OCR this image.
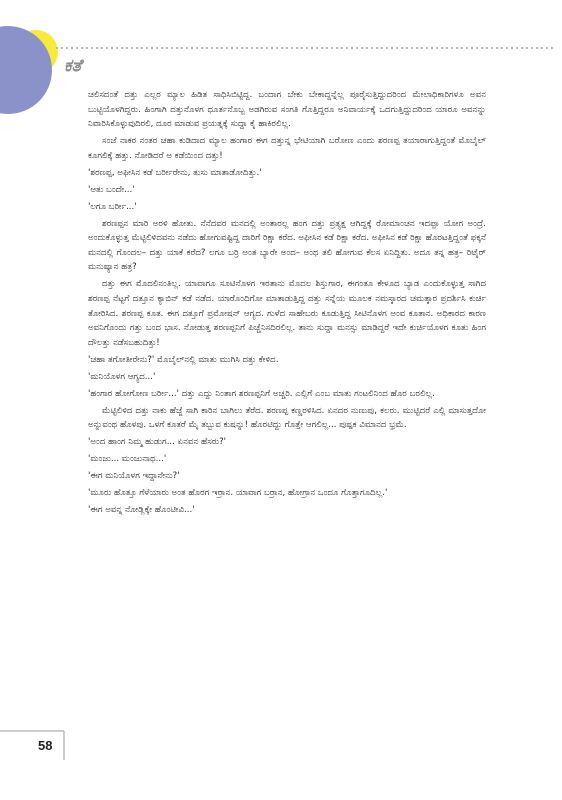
ಕತೆ

ಚಲಿಸದಂತೆ ದತ್ತು ಎಲ್ಲರ ಮ್ಯಾಲ ಹಿಡಿತ ಸಾಧಿಸಿಬಿಟ್ಟಿದ್ದ. ಬಂದಾಗ ಬೇಕು ಬೇಕಾದ್ದನ್ನೆಲ್ಲ ಪೂರೈಸುತ್ತಿದ್ದುದರಿಂದ ಮೇಲಾಧಿಕಾರಿಗಳೂ ಅವನ ಬುಟ್ಟಿಯೊಳಗಿದ್ದರು. ಹಿಂಗಾಗಿ ದತ್ತುನೊಳಗ ಧೂರ್ತನೊಬ್ಬ ಅಡಗಿರುವ ಸಂಗತಿ ಗೊತ್ತಿದ್ದರೂ ಅನಿವಾರ್ಯಕ್ಕೆ ಒದಗುತ್ತಿದ್ದುದರಿಂದ ಯಾರೂ ಅವನನ್ನು ನಿವಾರಿಸಿಕೊಳ್ಳುವುದಿರಲಿ, ದೂರ ಮಾಡುವ ಪ್ರಯತ್ನಕ್ಕೆ ಸುದ್ದಾ ಕೈ ಹಾಕಿರಲಿಲ್ಲ.

ಸಂಜೆ ನಾಕರ ನಂತರ ಚಹಾ ಕುಡಿದಾದ ಮ್ಯಾಲ ಹಂಗಾರ ಈಗ ದತ್ತುನ್ನ ಭೇಟಿಯಾಗಿ ಬರೋಣ ಎಂದು ಶರಣಪ್ಪ ತಯಾರಾಗುತ್ತಿದ್ದಂತೆ ಮೊಬೈಲ್ ಕೂಗಲಿಕ್ಕೆ ಹತ್ತು. ನೋಡಿದರೆ ಅ ಕಡೆಯಿಂದ ದತ್ತು!

'ಶರಣಪ್ಪ, ಅಫೀಸಿನ ಕಡೆ ಬರ್ರೀರೇನು, ತುಸು ಮಾತಾಡೋದಿತ್ತು.'

'ಆತು ಬಂದೇ...'

'ಲಗೂ ಬರ್ರೀ...'

ಶರಣಪ್ಪನ ಮಾರಿ ಅರಳಿ ಹೋತು. ನೆನೆದವರ ಮನದಲ್ಲಿ ಅಂತಾರಲ್ಲ ಹಂಗ ದತ್ತು ಪ್ರತ್ಯಕ್ಷ ಆಗಿದ್ದಕ್ಕೆ ರೋಮಾಂಚನ ಇದಪ್ಪಾ ಯೋಗ ಅಂದ್ರೆ. ಅಂದುಕೊಳ್ಳುತ್ತ ಮೆಟ್ಟಿಲಿಳಿದವನು ನಡೆದು ಹೋಗುವಷ್ಟಿದ್ದ ದಾರಿಗೆ ರಿಕ್ಷಾ ಕರೆದ. ಅಫೀಸಿನ ಕಡೆ ರಿಕ್ಷಾ ಕರೆದ. ಅಫೀಸಿನ ಕಡೆ ರಿಕ್ಷಾ ಹೊರಟತ್ತಿದ್ದಂತೆ ಫಕ್ಕನೆ ಮನದಲ್ಲಿ ಗೊಂದಲ– ದತ್ತು ಯಾಕೆ ಕರೆದ? ಲಗೂ ಬರ್ರಿ ಅಂತ ಬ್ಯಾರೇ ಅಂದ– ಅಂಥ ತಲಿ ಹೋಗುವ ಕೆಲಸ ಏನಿದ್ದಿತು. ಅದೂ ತನ್ನ ಹತ್ರ– ರಿಟೈರ್ ಮನುಷ್ಯಾನ ಹತ್ರ?

ದತ್ತು ಈಗ ಮೊದಲಿನಂತಿಲ್ಲ. ಯಾವಾಗೂ ಸೂಟಿನೊಳಗ ಇರತಾನು ಮೊದಲ ಶಿಸ್ತುಗಾರ, ಈಗಂತೂ ಕೇಳೂದ ಬ್ಯಾಡ ಎಂದುಕೊಳ್ಳುತ್ತ ಸಾಗಿದ ಶರಣಪ್ಪ ನೆಟ್ಟಗೆ ದತ್ತೂನ ಕ್ಯಾಬಿನ್ ಕಡೆ ನಡೆದ. ಯಾರೊಂದಿಗೋ ಮಾತಾಡುತ್ತಿದ್ದ ದತ್ತು ಸನ್ನೆಯ ಮೂಲಕ ನಮಸ್ಕಾರದ ಚಮತ್ಕಾರ ಪ್ರದರ್ಶಿಸಿ ಕುರ್ಚಿ ತೋರಿಸಿದ. ಶರಣಪ್ಪ ಕೂತ. ಈಗ ದತ್ತೂಗೆ ಪ್ರಮೋಷನ್ ಆಗ್ಯದ. ಗುಳೆದ ಸಾಹೇಬರು ಕೂಡುತ್ತಿದ್ದ ಸೀಟಿನೊಳಗ ಅಂವ ಕೂತಾನ. ಅಧಿಕಾರದ ಕಾರಣ ಅವನಿಗೊಂದು ಗತ್ತು ಬಂದ ಭಾಸ. ನೋಡುತ್ತ ಶರಣಪ್ಪನಿಗೆ ಪಿಚ್ಚೆನಿಸದಿರಲಿಲ್ಲ. ತಾನು ಸುದ್ದಾ ಮನಸ್ಸು ಮಾಡಿದ್ದರೆ ಇದೇ ಕುರ್ಚಿಯೊಳಗ ಕೂತು ಹಿಂಗ ದೌಲತ್ತು ನಡೆಸಬಹುದಿತ್ತು!

'ಚಹಾ ತಗೋತೀರೇನು?' ಮೊಬೈಲ್‌ನಲ್ಲಿ ಮಾತು ಮುಗಿಸಿ ದತ್ತು ಕೇಳಿದ.

'ಮನಿಯೊಳಗ ಆಗ್ಯದ...'

'ಹಂಗಾರ ಹೋಗೋಣ ಬರ್ರೀ...' ದತ್ತು ಎದ್ದು ನಿಂತಾಗ ಶರಣಪ್ಪನಿಗೆ ಅಚ್ಚರಿ. ಎಲ್ಲಿಗೆ ಎಂಬ ಮಾತು ಗಂಟಲಿನಿಂದ ಹೊರ ಬರಲಿಲ್ಲ.

ಮೆಟ್ಟಿಲಿಳಿದ ದತ್ತು ನಾಕು ಹೆಜ್ಜೆ ಸಾಗಿ ಕಾರಿನ ಬಾಗಿಲು ತೆರೆದ. ಶರಣಪ್ಪ ಕಣ್ಣರಳಿಸಿದ. ಏನದರ ನುಣುಪು, ಕಲರು. ಮುಟ್ಟಿದರೆ ಎಲ್ಲಿ ಮಾಸುತ್ತದೋ ಅನ್ನುವಂಥ ಹೊಳಪು. ಒಳಗೆ ಕೂತರೆ ಮೈ ತಬ್ಬುವ ಕುಷನ್ನು! ಹೊರಟಿದ್ದು ಗೊತ್ತೇ ಆಗಲಿಲ್ಲ... ಪುಷ್ಪಕ ವಿಮಾನದ ಭ್ರಮೆ.

'ಅಂದ ಹಾಂಗ ನಿಮ್ಮ ಹುಡುಗ... ಏನವನ ಹೆಸರು?'

'ಮಂಜು... ಮಂಜುನಾಥ...'

'ಈಗ ಮನಿಯೊಳಗ ಇದ್ದಾನೇನು?'

'ಮೂರು ಹೊತ್ತೂ ಗೆಳೆಯಾರು ಅಂತ ಹೊರಗ ಇರ್ರಾನ. ಯಾವಾಗ ಬರ್ರಾನ, ಹೋಗ್ರಾನ ಒಂದೂ ಗೊತ್ತಾಗೂದಿಲ್ಲ.'

'ಈಗ ಅವನ್ನ ನೋಡ್ಲಿಕ್ಕೇ ಹೊಂಟೀವಿ...'

58
